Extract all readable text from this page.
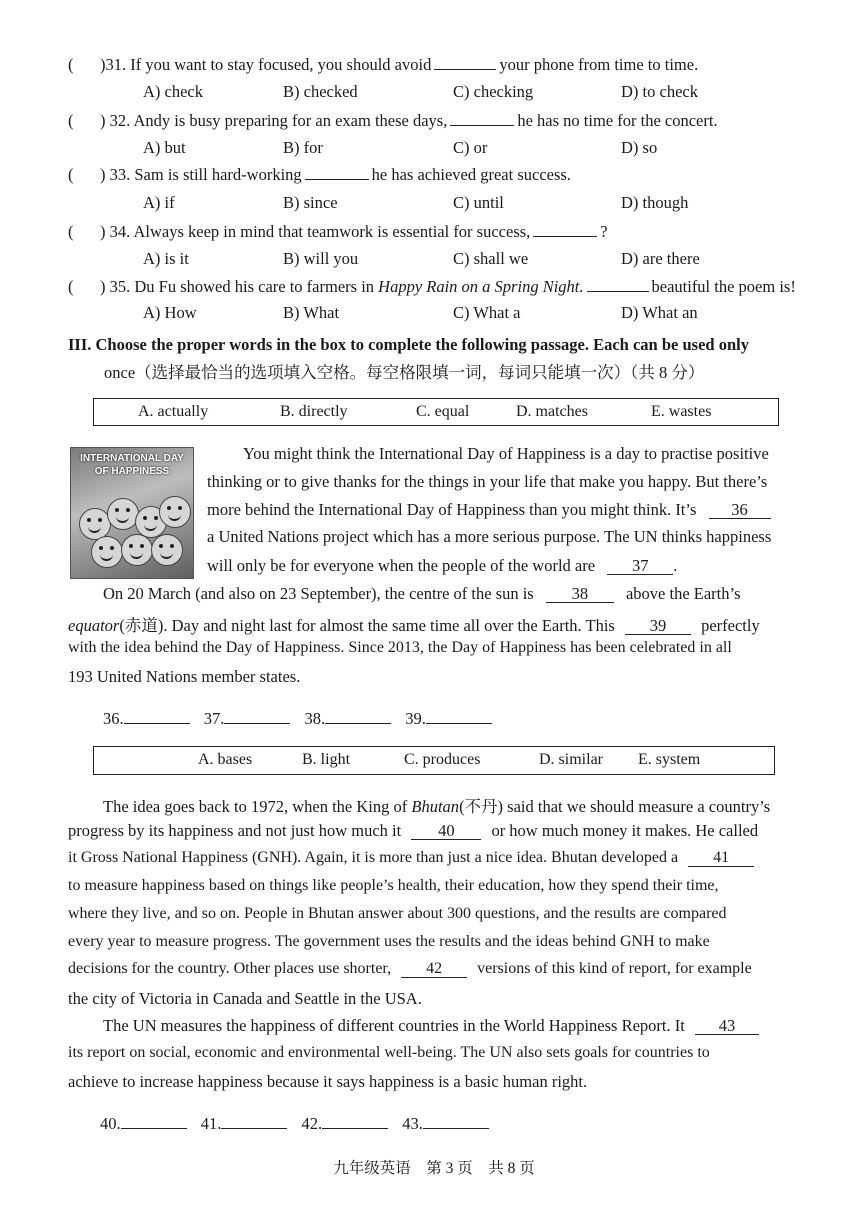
( )31. If you want to stay focused, you should avoid	your phone from time to time.
A) check	B) checked	C) checking	D) to check
( ) 32. Andy is busy preparing for an exam these days,	he has no time for the concert.
A) but	B) for	C) or	D) so
( ) 33. Sam is still hard-working	he has achieved great success.
A) if	B) since	C) until	D) though
( ) 34. Always keep in mind that teamwork is essential for success,	?
A) is it	B) will you	C) shall we	D) are there
( ) 35. Du Fu showed his care to farmers in Happy Rain on a Spring Night.	beautiful the poem is!
A) How	B) What	C) What a	D) What an
III. Choose the proper words in the box to complete the following passage. Each can be used only
once（选择最恰当的选项填入空格。每空格限填一词，每词只能填一次）（共 8 分）
A. actually	B. directly	C. equal	D. matches	E. wastes
INTERNATIONAL DAY OF HAPPINESS
You might think the International Day of Happiness is a day to practise positive
thinking or to give thanks for the things in your life that make you happy. But there’s
more behind the International Day of Happiness than you might think. It’s 36
a United Nations project which has a more serious purpose. The UN thinks happiness
will only be for everyone when the people of the world are 37 .
On 20 March (and also on 23 September), the centre of the sun is 38 above the Earth’s
equator(赤道). Day and night last for almost the same time all over the Earth. This 39 perfectly
with the idea behind the Day of Happiness. Since 2013, the Day of Happiness has been celebrated in all
193 United Nations member states.
36.	37.	38.	39.
A. bases	B. light	C. produces	D. similar E. system
The idea goes back to 1972, when the King of Bhutan(不丹) said that we should measure a country’s
progress by its happiness and not just how much it 40 or how much money it makes. He called
it Gross National Happiness (GNH). Again, it is more than just a nice idea. Bhutan developed a 41
to measure happiness based on things like people’s health, their education, how they spend their time,
where they live, and so on. People in Bhutan answer about 300 questions, and the results are compared
every year to measure progress. The government uses the results and the ideas behind GNH to make
decisions for the country. Other places use shorter, 42 versions of this kind of report, for example
the city of Victoria in Canada and Seattle in the USA.
The UN measures the happiness of different countries in the World Happiness Report. It 43
its report on social, economic and environmental well-being. The UN also sets goals for countries to
achieve to increase happiness because it says happiness is a basic human right.
40.	41.	42.	43.
九年级英语　第 3 页　共 8 页
